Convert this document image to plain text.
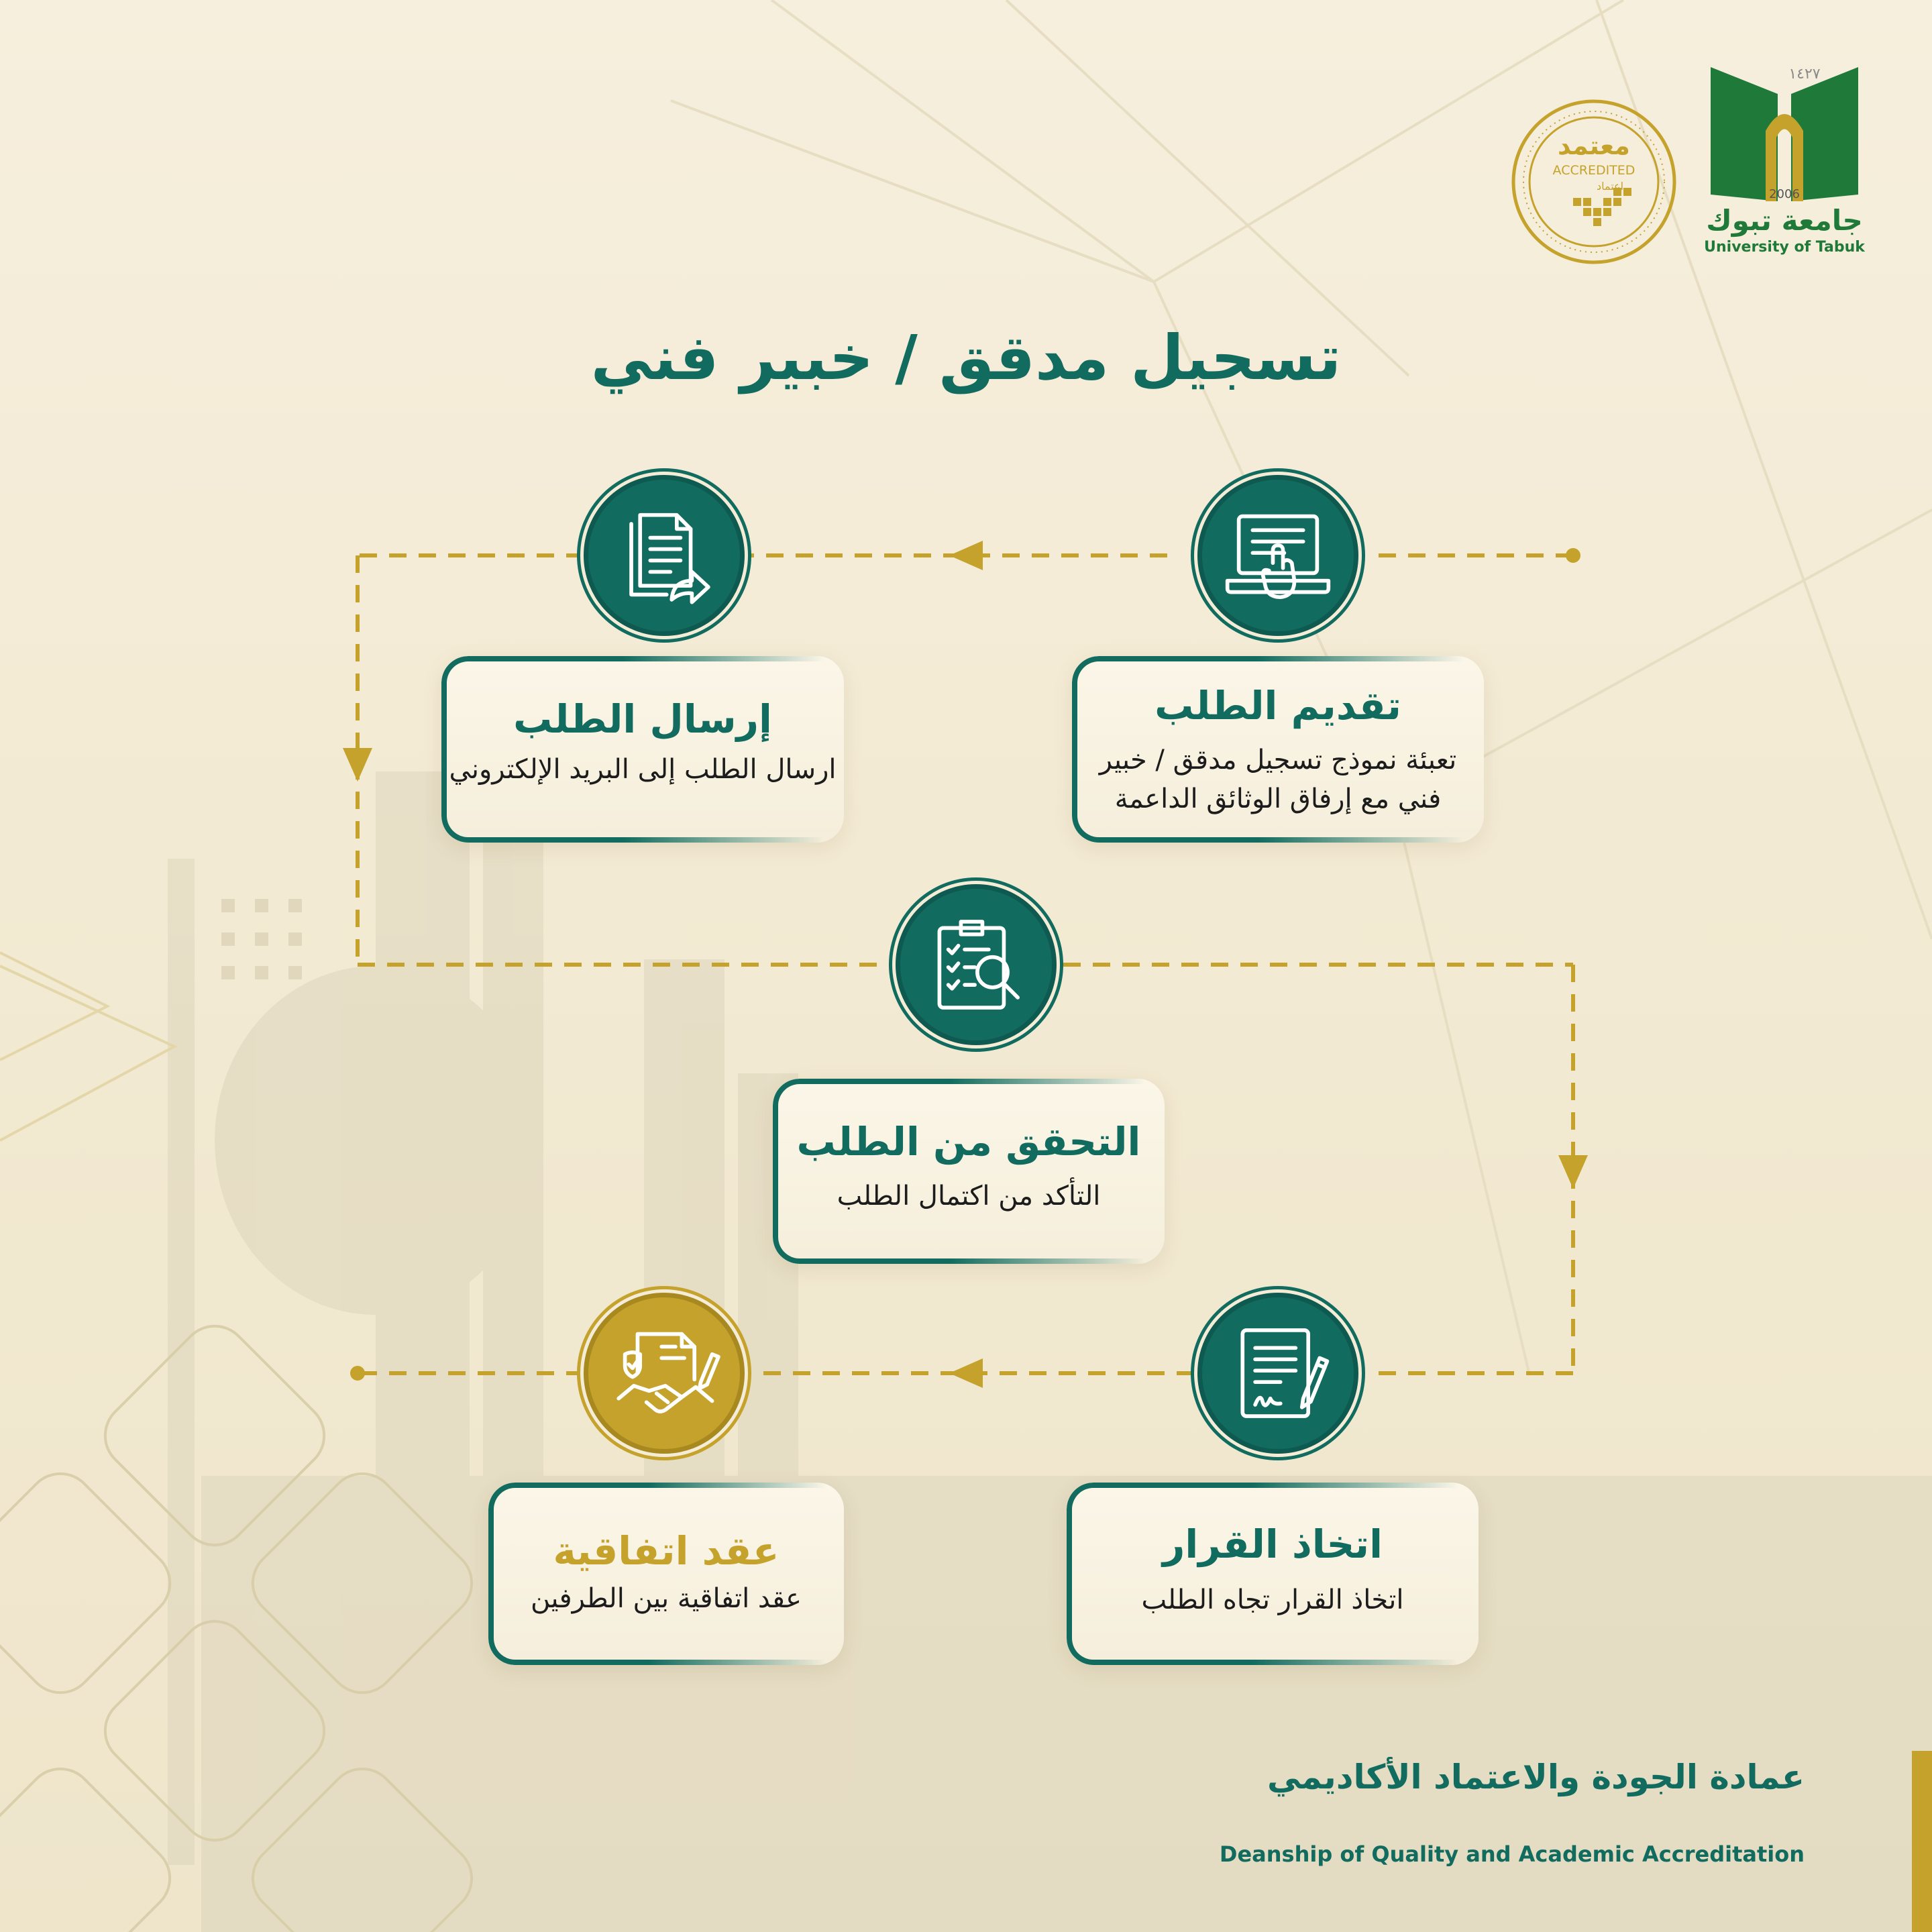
معتمد
ACCREDITED
اعتماد
١٤٢٧
2006
جامعة تبوك
University of Tabuk
تسجيل مدقق / خبير فني
تقديم الطلب

تعبئة نموذج تسجيل مدقق / خبير

فني مع إرفاق الوثائق الداعمة

إرسال الطلب

ارسال الطلب إلى البريد الإلكتروني

التحقق من الطلب

التأكد من اكتمال الطلب

اتخاذ القرار

اتخاذ القرار تجاه الطلب

عقد اتفاقية

عقد اتفاقية بين الطرفين

عمادة الجودة والاعتماد الأكاديمي
Deanship of Quality and Academic Accreditation
